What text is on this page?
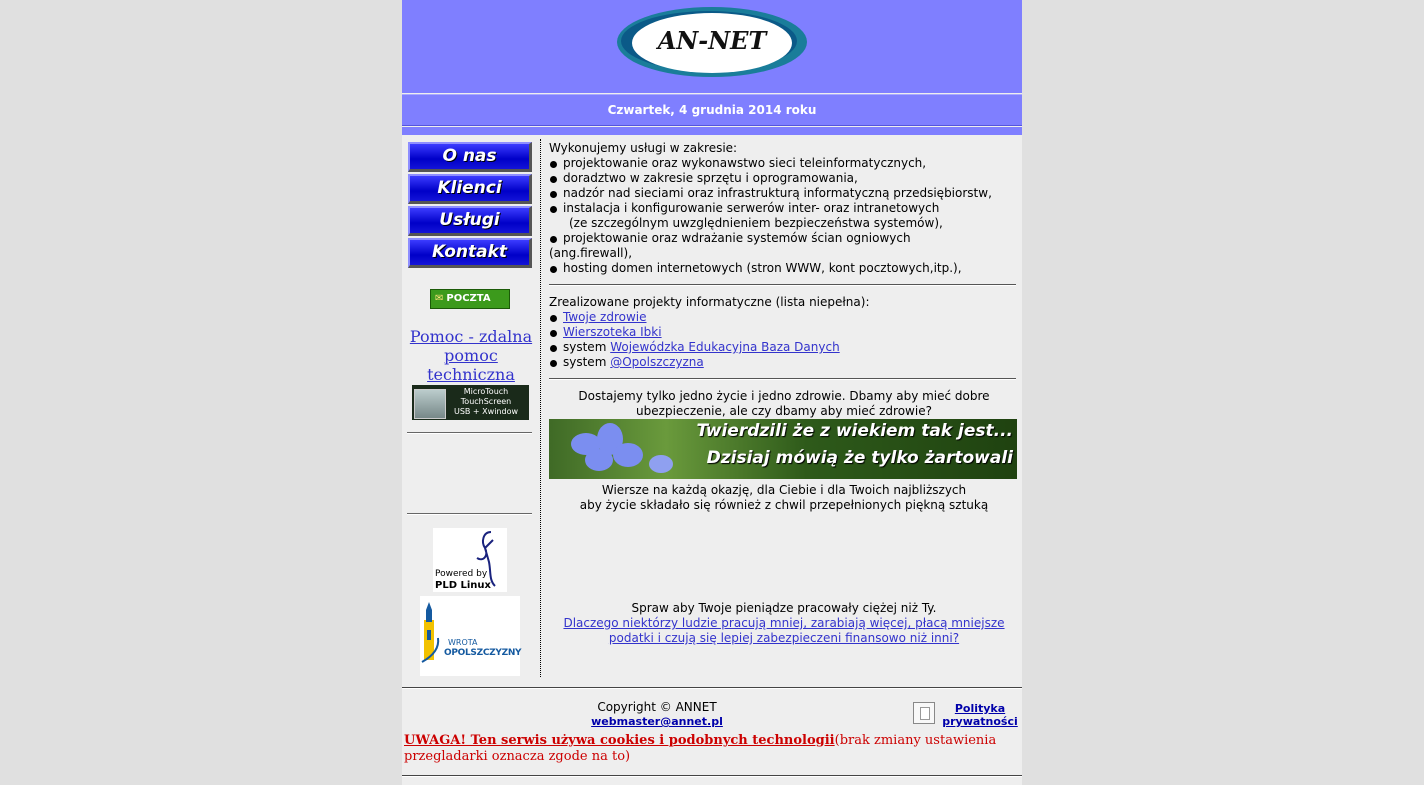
AN-NET
Czwartek, 4 grudnia 2014 roku
O nas
Klienci
Usługi
Kontakt
✉ POCZTA
Pomoc - zdalna pomoc techniczna
MicroTouch
TouchScreen
USB + Xwindow
Powered by
PLD Linux
WROTA
OPOLSZCZYZNY

Wykonujemy usługi w zakresie:

projektowanie oraz wykonawstwo sieci teleinformatycznych,
doradztwo w zakresie sprzętu i oprogramowania,
nadzór nad sieciami oraz infrastrukturą informatyczną przedsiębiorstw,
instalacja i konfigurowanie serwerów inter- oraz intranetowych
(ze szczególnym uwzględnieniem bezpieczeństwa systemów),
projektowanie oraz wdrażanie systemów ścian ogniowych
(ang.firewall),
hosting domen internetowych (stron WWW, kont pocztowych,itp.),

Zrealizowane projekty informatyczne (lista niepełna):

Twoje zdrowie
Wierszoteka Ibki
system Wojewódzka Edukacyjna Baza Danych
system @Opolszczyzna

Dostajemy tylko jedno życie i jedno zdrowie. Dbamy aby mieć dobre ubezpieczenie, ale czy dbamy aby mieć zdrowie?

Twierdzili że z wiekiem tak jest...
Dzisiaj mówią że tylko żartowali

Wiersze na każdą okazję, dla Ciebie i dla Twoich najbliższych

aby życie składało się również z chwil przepełnionych piękną sztuką

Spraw aby Twoje pieniądze pracowały ciężej niż Ty.

Dlaczego niektórzy ludzie pracują mniej, zarabiają więcej, płacą mniejsze podatki i czują się lepiej zabezpieczeni finansowo niż inni?

Copyright © ANNET
webmaster@annet.pl
Polityka prywatności
UWAGA! Ten serwis używa cookies i podobnych technologii(brak zmiany ustawienia przegladarki oznacza zgode na to)
